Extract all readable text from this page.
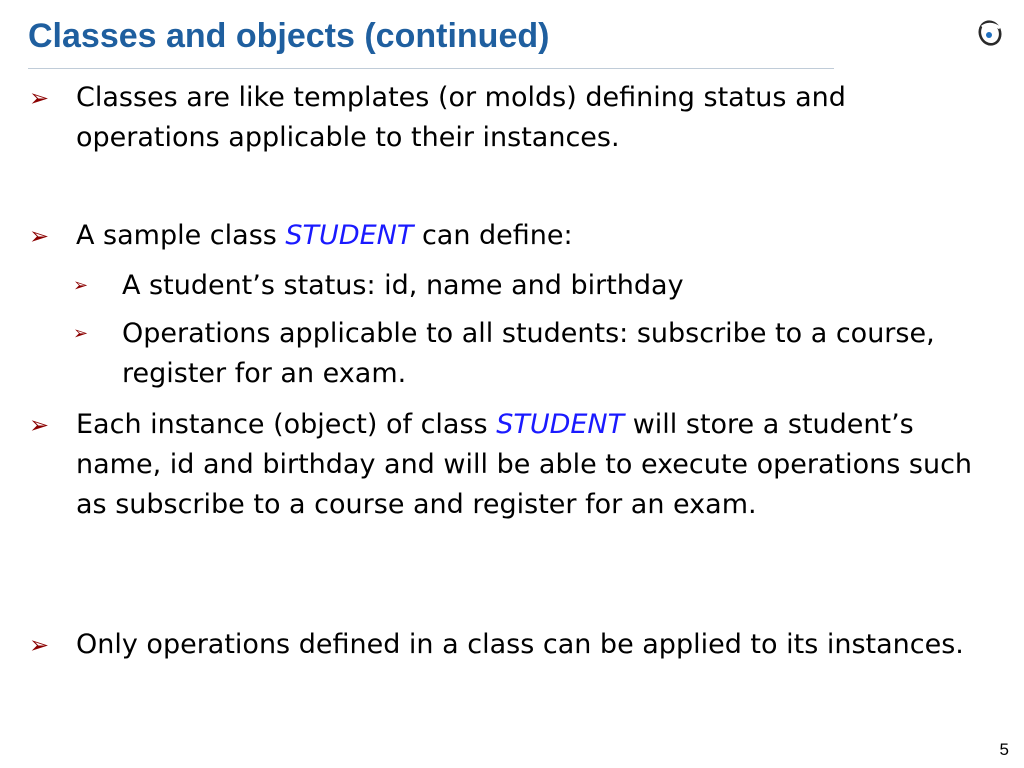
Classes and objects (continued)
➢ Classes are like templates (or molds) defining status and operations applicable to their instances.

➢ A sample class STUDENT can define:

➢ A student’s status: id, name and birthday

➢ Operations applicable to all students: subscribe to a course, register for an exam.

➢ Each instance (object) of class STUDENT will store a student’s name, id and birthday and will be able to execute operations such as subscribe to a course and register for an exam.

➢ Only operations defined in a class can be applied to its instances.

5
